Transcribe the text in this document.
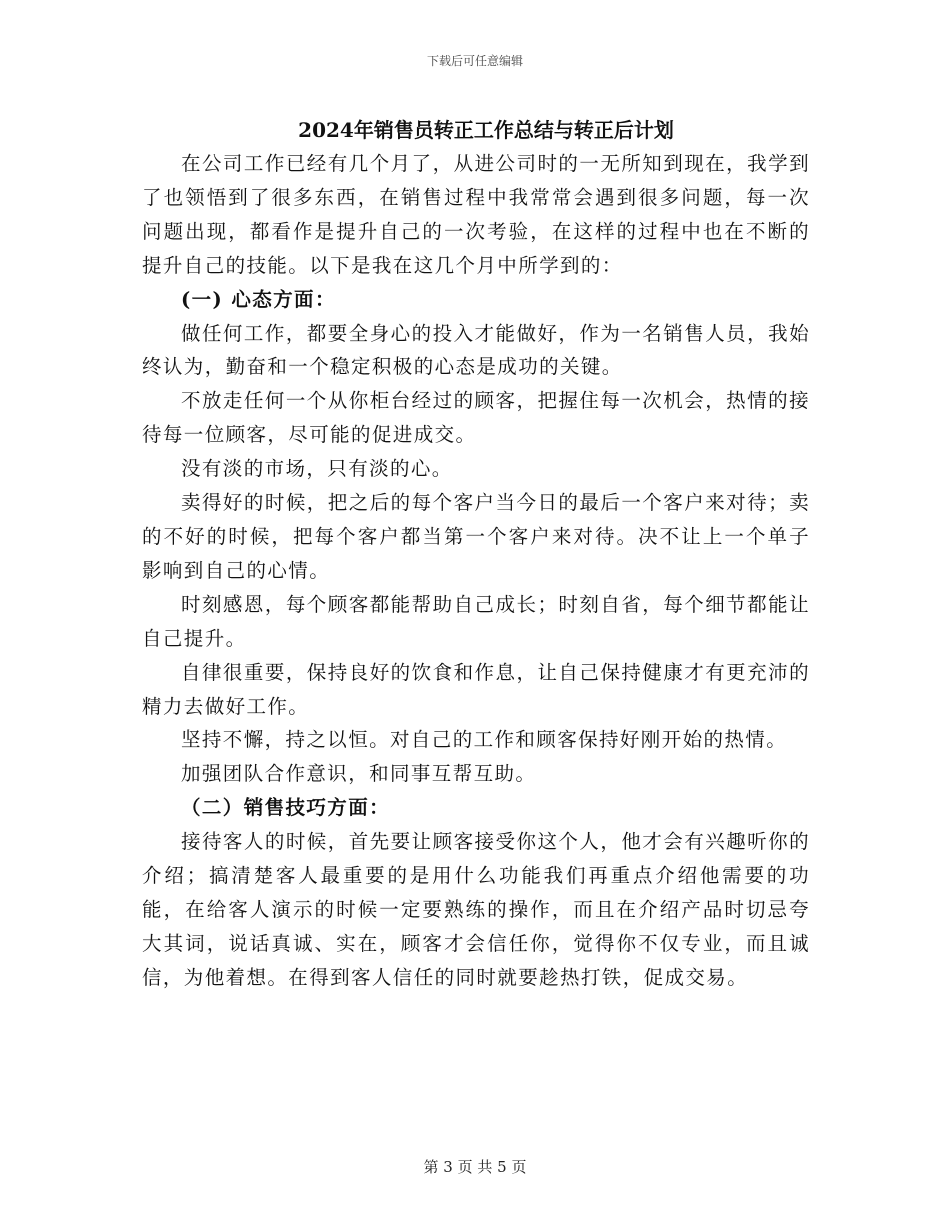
下载后可任意编辑
2024年销售员转正工作总结与转正后计划

在公司工作已经有几个月了，从进公司时的一无所知到现在，我学到了也领悟到了很多东西，在销售过程中我常常会遇到很多问题，每一次问题出现，都看作是提升自己的一次考验，在这样的过程中也在不断的提升自己的技能。以下是我在这几个月中所学到的：

(一) 心态方面：

做任何工作，都要全身心的投入才能做好，作为一名销售人员，我始终认为，勤奋和一个稳定积极的心态是成功的关键。

不放走任何一个从你柜台经过的顾客，把握住每一次机会，热情的接待每一位顾客，尽可能的促进成交。

没有淡的市场，只有淡的心。

卖得好的时候，把之后的每个客户当今日的最后一个客户来对待；卖的不好的时候，把每个客户都当第一个客户来对待。决不让上一个单子影响到自己的心情。

时刻感恩，每个顾客都能帮助自己成长；时刻自省，每个细节都能让自己提升。

自律很重要，保持良好的饮食和作息，让自己保持健康才有更充沛的精力去做好工作。

坚持不懈，持之以恒。对自己的工作和顾客保持好刚开始的热情。

加强团队合作意识，和同事互帮互助。

（二）销售技巧方面：

接待客人的时候，首先要让顾客接受你这个人，他才会有兴趣听你的介绍；搞清楚客人最重要的是用什么功能我们再重点介绍他需要的功能，在给客人演示的时候一定要熟练的操作，而且在介绍产品时切忌夸大其词，说话真诚、实在，顾客才会信任你，觉得你不仅专业，而且诚信，为他着想。在得到客人信任的同时就要趁热打铁，促成交易。

第 3 页 共 5 页
